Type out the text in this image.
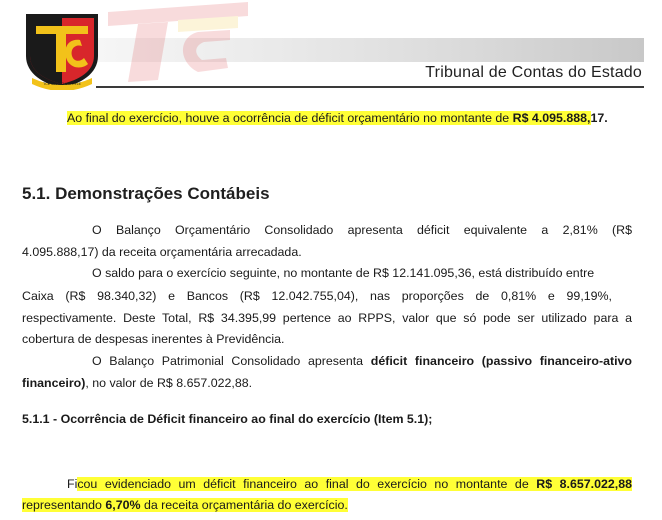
Tribunal de Contas do Estado
TCE MANDO UM TITLE
Ao final do exercício, houve a ocorrência de déficit orçamentário no montante de R$ 4.095.888,17.
5.1. Demonstrações Contábeis
O Balanço Orçamentário Consolidado apresenta déficit equivalente a 2,81% (R$
4.095.888,17) da receita orçamentária arrecadada.
O saldo para o exercício seguinte, no montante de R$ 12.141.095,36, está distribuído entre
Caixa (R$ 98.340,32) e Bancos (R$ 12.042.755,04), nas proporções de 0,81% e 99,19%,
respectivamente. Deste Total, R$ 34.395,99 pertence ao RPPS, valor que só pode ser utilizado para a
cobertura de despesas inerentes à Previdência.
O Balanço Patrimonial Consolidado apresenta déficit financeiro (passivo financeiro-ativo
financeiro), no valor de R$ 8.657.022,88.
5.1.1 - Ocorrência de Déficit financeiro ao final do exercício (Item 5.1);
Ficou evidenciado um déficit financeiro ao final do exercício no montante de R$ 8.657.022,88
representando 6,70% da receita orçamentária do exercício.
